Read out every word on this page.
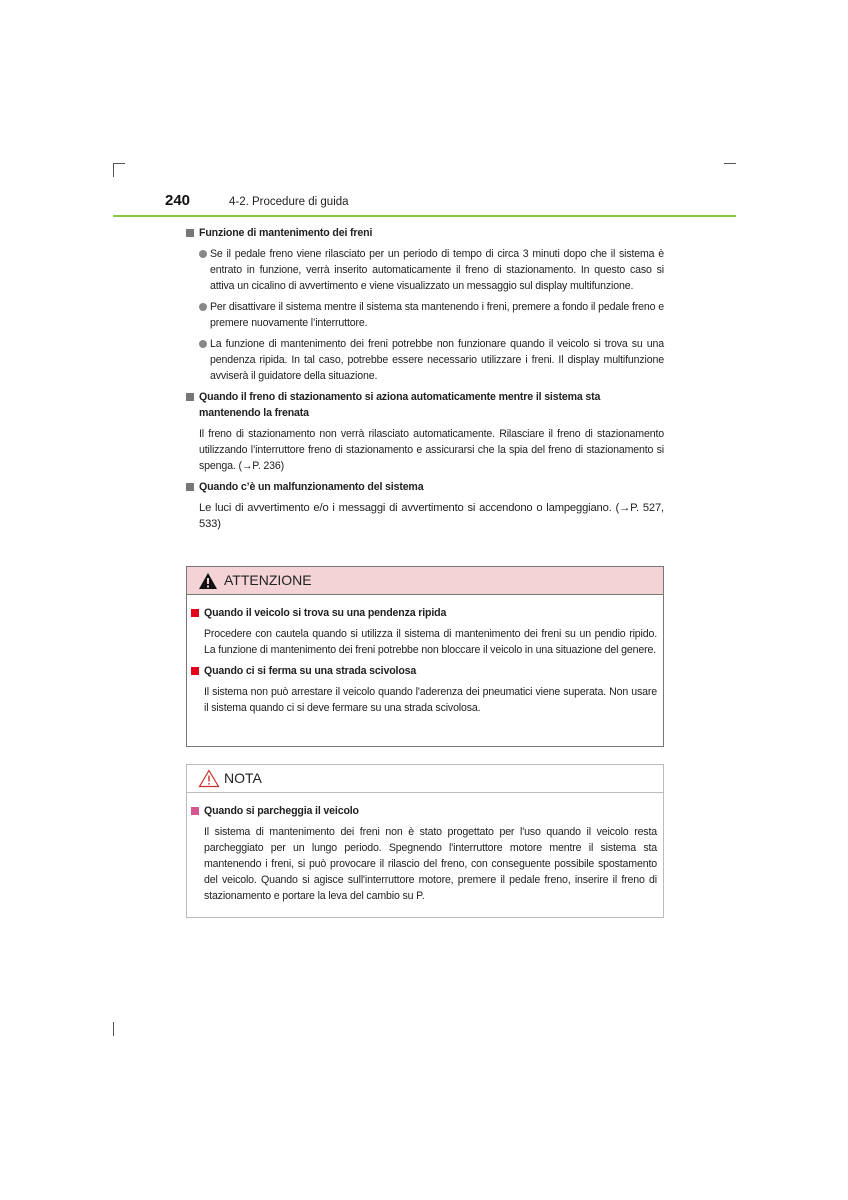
240	4-2. Procedure di guida
Funzione di mantenimento dei freni
Se il pedale freno viene rilasciato per un periodo di tempo di circa 3 minuti dopo che il sistema è entrato in funzione, verrà inserito automaticamente il freno di stazionamento. In questo caso si attiva un cicalino di avvertimento e viene visualizzato un messaggio sul display multifunzione.
Per disattivare il sistema mentre il sistema sta mantenendo i freni, premere a fondo il pedale freno e premere nuovamente l’interruttore.
La funzione di mantenimento dei freni potrebbe non funzionare quando il veicolo si trova su una pendenza ripida. In tal caso, potrebbe essere necessario utilizzare i freni. Il display multifunzione avviserà il guidatore della situazione.
Quando il freno di stazionamento si aziona automaticamente mentre il sistema sta mantenendo la frenata
Il freno di stazionamento non verrà rilasciato automaticamente. Rilasciare il freno di stazionamento utilizzando l’interruttore freno di stazionamento e assicurarsi che la spia del freno di stazionamento si spenga. (→P. 236)
Quando c’è un malfunzionamento del sistema
Le luci di avvertimento e/o i messaggi di avvertimento si accendono o lampeggiano. (→P. 527, 533)
ATTENZIONE
Quando il veicolo si trova su una pendenza ripida
Procedere con cautela quando si utilizza il sistema di mantenimento dei freni su un pendio ripido. La funzione di mantenimento dei freni potrebbe non bloccare il veicolo in una situazione del genere.
Quando ci si ferma su una strada scivolosa
Il sistema non può arrestare il veicolo quando l'aderenza dei pneumatici viene superata. Non usare il sistema quando ci si deve fermare su una strada scivolosa.
NOTA
Quando si parcheggia il veicolo
Il sistema di mantenimento dei freni non è stato progettato per l'uso quando il veicolo resta parcheggiato per un lungo periodo. Spegnendo l'interruttore motore mentre il sistema sta mantenendo i freni, si può provocare il rilascio del freno, con conseguente possibile spostamento del veicolo. Quando si agisce sull'interruttore motore, premere il pedale freno, inserire il freno di stazionamento e portare la leva del cambio su P.
